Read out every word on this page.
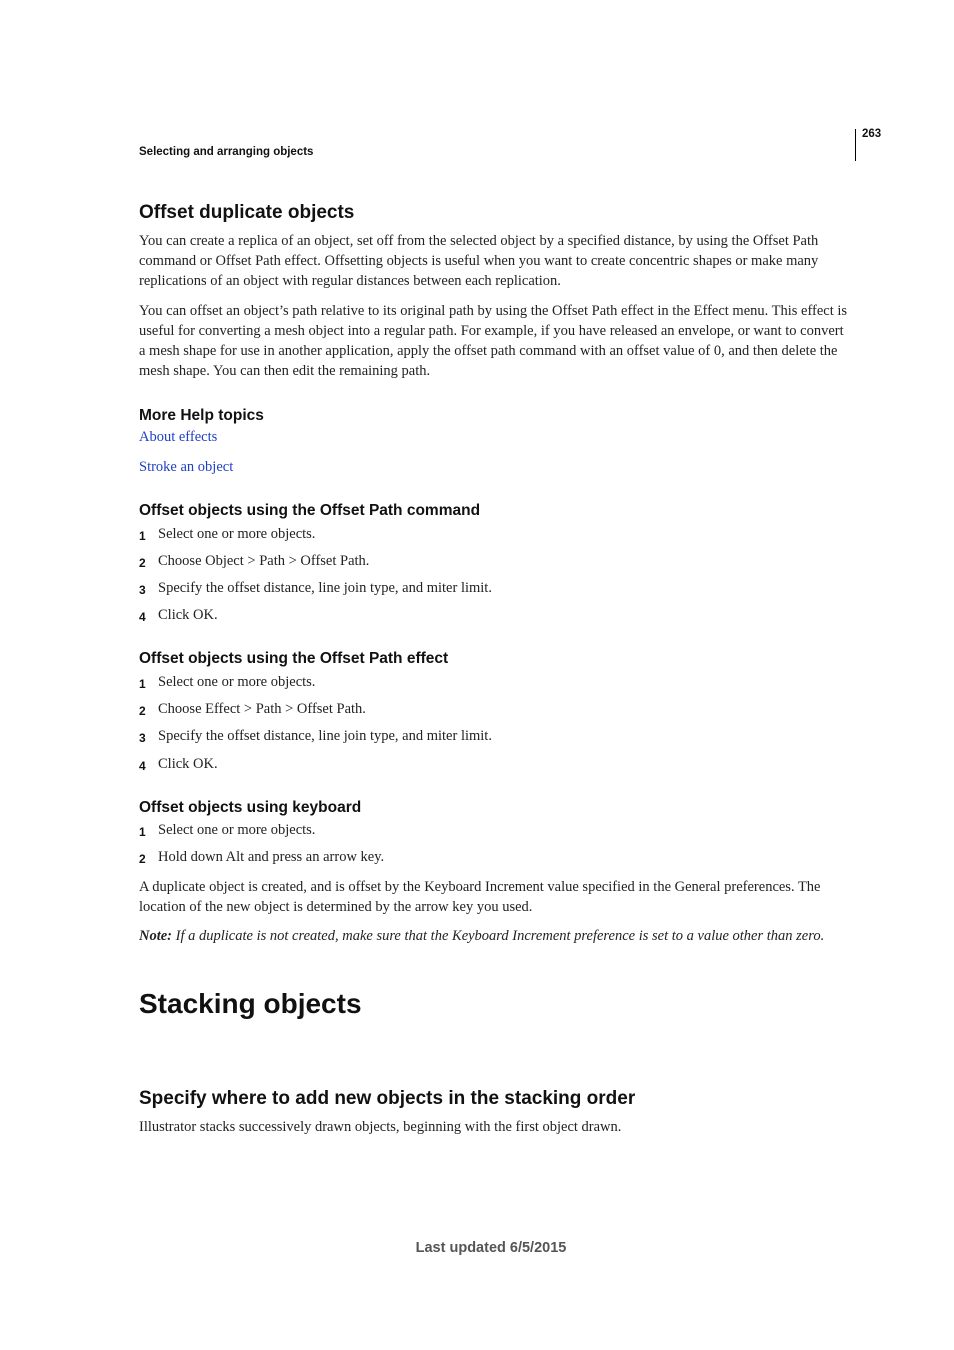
Selecting and arranging objects
263
Offset duplicate objects

You can create a replica of an object, set off from the selected object by a specified distance, by using the Offset Path command or Offset Path effect. Offsetting objects is useful when you want to create concentric shapes or make many replications of an object with regular distances between each replication.

You can offset an object’s path relative to its original path by using the Offset Path effect in the Effect menu. This effect is useful for converting a mesh object into a regular path. For example, if you have released an envelope, or want to convert a mesh shape for use in another application, apply the offset path command with an offset value of 0, and then delete the mesh shape. You can then edit the remaining path.

More Help topics
About effects
Stroke an object
Offset objects using the Offset Path command
1 Select one or more objects.
2 Choose Object > Path > Offset Path.
3 Specify the offset distance, line join type, and miter limit.
4 Click OK.
Offset objects using the Offset Path effect
1 Select one or more objects.
2 Choose Effect > Path > Offset Path.
3 Specify the offset distance, line join type, and miter limit.
4 Click OK.
Offset objects using keyboard
1 Select one or more objects.
2 Hold down Alt and press an arrow key.

A duplicate object is created, and is offset by the Keyboard Increment value specified in the General preferences. The location of the new object is determined by the arrow key you used.

Note: If a duplicate is not created, make sure that the Keyboard Increment preference is set to a value other than zero.

Stacking objects
Specify where to add new objects in the stacking order

Illustrator stacks successively drawn objects, beginning with the first object drawn.

Last updated 6/5/2015
